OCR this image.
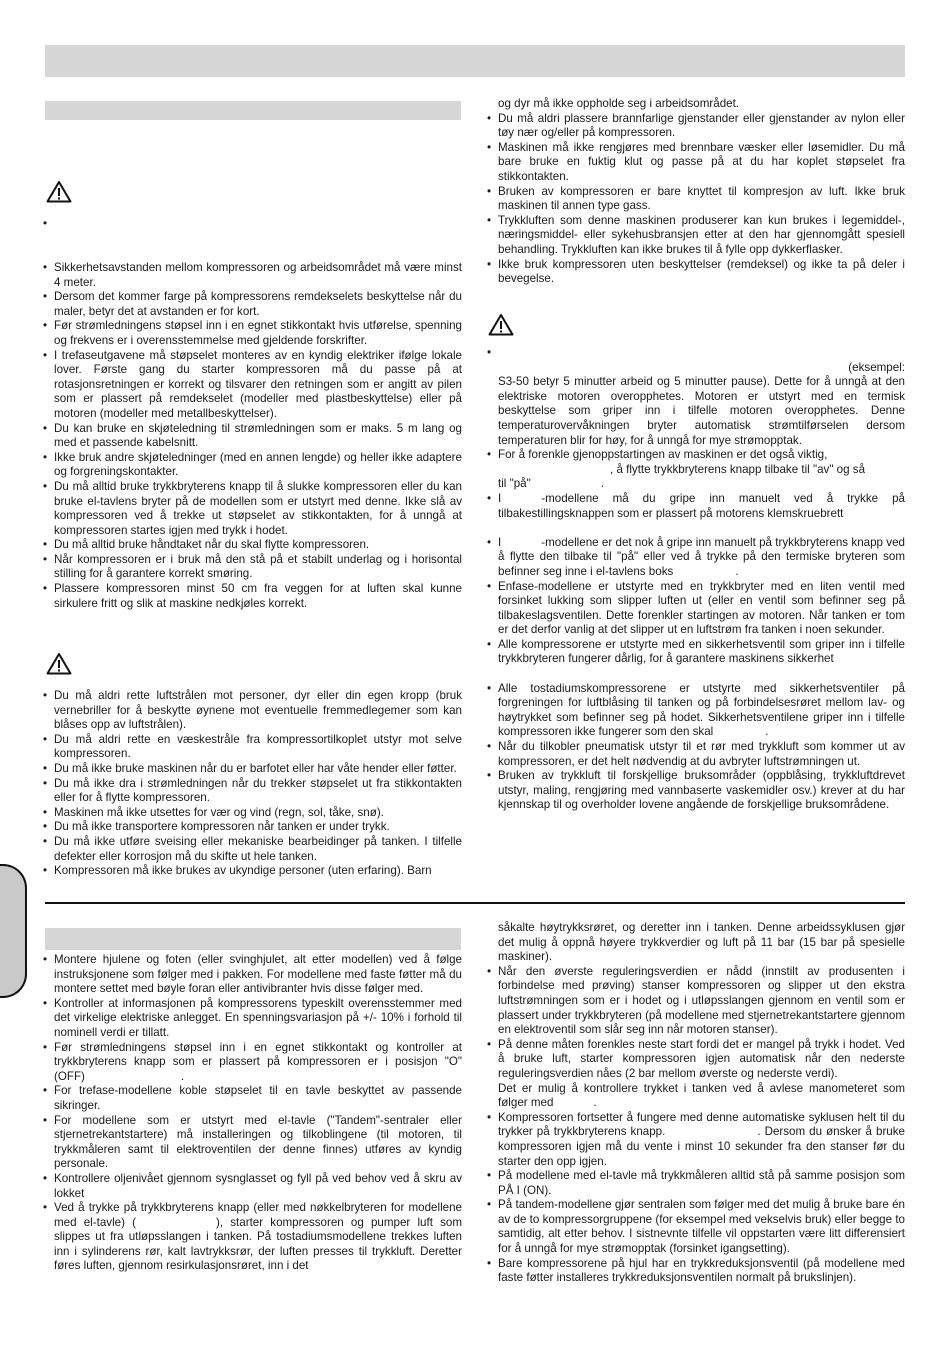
• Sikkerhetsavstanden mellom kompressoren og arbeidsområdet må være minst 4 meter.
• Dersom det kommer farge på kompressorens remdekselets beskyttelse når du maler, betyr det at avstanden er for kort.
• Før strømledningens støpsel inn i en egnet stikkontakt hvis utførelse, spenning og frekvens er i overensstemmelse med gjeldende forskrifter.
• I trefaseutgavene må støpselet monteres av en kyndig elektriker ifølge lokale lover. Første gang du starter kompressoren må du passe på at rotasjonsretningen er korrekt og tilsvarer den retningen som er angitt av pilen som er plassert på remdekselet (modeller med plastbeskyttelse) eller på motoren (modeller med metallbeskyttelser).
• Du kan bruke en skjøteledning til strømledningen som er maks. 5 m lang og med et passende kabelsnitt.
• Ikke bruk andre skjøteledninger (med en annen lengde) og heller ikke adaptere og forgreningskontakter.
• Du må alltid bruke trykkbryterens knapp til å slukke kompressoren eller du kan bruke el-tavlens bryter på de modellen som er utstyrt med denne. Ikke slå av kompressoren ved å trekke ut støpselet av stikkontakten, for å unngå at kompressoren startes igjen med trykk i hodet.
• Du må alltid bruke håndtaket når du skal flytte kompressoren.
• Når kompressoren er i bruk må den stå på et stabilt underlag og i horisontal stilling for å garantere korrekt smøring.
• Plassere kompressoren minst 50 cm fra veggen for at luften skal kunne sirkulere fritt og slik at maskine nedkjøles korrekt.
• Du må aldri rette luftstrålen mot personer, dyr eller din egen kropp (bruk vernebriller for å beskytte øynene mot eventuelle fremmedlegemer som kan blåses opp av luftstrålen).
• Du må aldri rette en væskestråle fra kompressortilkoplet utstyr mot selve kompressoren.
• Du må ikke bruke maskinen når du er barfotet eller har våte hender eller føtter.
• Du må ikke dra i strømledningen når du trekker støpselet ut fra stikkontakten eller for å flytte kompressoren.
• Maskinen må ikke utsettes for vær og vind (regn, sol, tåke, snø).
• Du må ikke transportere kompressoren når tanken er under trykk.
• Du må ikke utføre sveising eller mekaniske bearbeidinger på tanken. I tilfelle defekter eller korrosjon må du skifte ut hele tanken.
• Kompressoren må ikke brukes av ukyndige personer (uten erfaring). Barn
og dyr må ikke oppholde seg i arbeidsområdet.
• Du må aldri plassere brannfarlige gjenstander eller gjenstander av nylon eller tøy nær og/eller på kompressoren.
• Maskinen må ikke rengjøres med brennbare væsker eller løsemidler. Du må bare bruke en fuktig klut og passe på at du har koplet støpselet fra stikkontakten.
• Bruken av kompressoren er bare knyttet til kompresjon av luft. Ikke bruk maskinen til annen type gass.
• Trykkluften som denne maskinen produserer kan kun brukes i legemiddel-, næringsmiddel- eller sykehusbransjen etter at den har gjennomgått spesiell behandling. Trykkluften kan ikke brukes til å fylle opp dykkerflasker.
• Ikke bruk kompressoren uten beskyttelser (remdeksel) og ikke ta på deler i bevegelse.

• (eksempel:
S3-50 betyr 5 minutter arbeid og 5 minutter pause). Dette for å unngå at den elektriske motoren overopphetes. Motoren er utstyrt med en termisk beskyttelse som griper inn i tilfelle motoren overopphetes. Denne temperaturovervåkningen bryter automatisk strømtilførselen dersom temperaturen blir for høy, for å unngå for mye strømopptak.
• For å forenkle gjenoppstartingen av maskinen er det også viktig,
, å flytte trykkbryterens knapp tilbake til "av" og så
til "på"	.
• I	-modellene må du gripe inn manuelt ved å trykke på tilbakestillingsknappen som er plassert på motorens klemskruebrett
• I	-modellene er det nok å gripe inn manuelt på trykkbryterens knapp ved å flytte den tilbake til "på" eller ved å trykke på den termiske bryteren som befinner seg inne i el-tavlens boks	.
• Enfase-modellene er utstyrte med en trykkbryter med en liten ventil med forsinket lukking som slipper luften ut (eller en ventil som befinner seg på tilbakeslagsventilen. Dette forenkler startingen av motoren. Når tanken er tom er det derfor vanlig at det slipper ut en luftstrøm fra tanken i noen sekunder.
• Alle kompressorene er utstyrte med en sikkerhetsventil som griper inn i tilfelle trykkbryteren fungerer dårlig, for å garantere maskinens sikkerhet
• Alle tostadiumskompressorene er utstyrte med sikkerhetsventiler på forgreningen for luftblåsing til tanken og på forbindelsesrøret mellom lav- og høytrykket som befinner seg på hodet. Sikkerhetsventilene griper inn i tilfelle kompressoren ikke fungerer som den skal	.
• Når du tilkobler pneumatisk utstyr til et rør med trykkluft som kommer ut av kompressoren, er det helt nødvendig at du avbryter luftstrømningen ut.
• Bruken av trykkluft til forskjellige bruksområder (oppblåsing, trykkluftdrevet utstyr, maling, rengjøring med vannbaserte vaskemidler osv.) krever at du har kjennskap til og overholder lovene angående de forskjellige bruksområdene.
• Montere hjulene og foten (eller svinghjulet, alt etter modellen) ved å følge instruksjonene som følger med i pakken. For modellene med faste føtter må du montere settet med bøyle foran eller antivibranter hvis disse følger med.
• Kontroller at informasjonen på kompressorens typeskilt overensstemmer med det virkelige elektriske anlegget. En spenningsvariasjon på +/- 10% i forhold til nominell verdi er tillatt.
• Før strømledningens støpsel inn i en egnet stikkontakt og kontroller at trykkbryterens knapp som er plassert på kompressoren er i posisjon "O" (OFF)	.
• For trefase-modellene koble støpselet til en tavle beskyttet av passende sikringer.
• For modellene som er utstyrt med el-tavle ("Tandem"-sentraler eller stjernetrekantstartere) må installeringen og tilkoblingene (til motoren, til trykkmåleren samt til elektroventilen der denne finnes) utføres av kyndig personale.
• Kontrollere oljenivået gjennom sysnglasset og fyll på ved behov ved å skru av lokket
• Ved å trykke på trykkbryterens knapp (eller med nøkkelbryteren for modellene med el-tavle) (	), starter kompressoren og pumper luft som slippes ut fra utløpsslangen i tanken. På tostadiumsmodellene trekkes luften inn i sylinderens rør, kalt lavtrykksrør, der luften presses til trykkluft. Deretter føres luften, gjennom resirkulasjonsrøret, inn i det
såkalte høytrykksrøret, og deretter inn i tanken. Denne arbeidssyklusen gjør det mulig å oppnå høyere trykkverdier og luft på 11 bar (15 bar på spesielle maskiner).
• Når den øverste reguleringsverdien er nådd (innstilt av produsenten i forbindelse med prøving) stanser kompressoren og slipper ut den ekstra luftstrømningen som er i hodet og i utløpsslangen gjennom en ventil som er plassert under trykkbryteren (på modellene med stjernetrekantstartere gjennom en elektroventil som slår seg inn når motoren stanser).
• På denne måten forenkles neste start fordi det er mangel på trykk i hodet. Ved å bruke luft, starter kompressoren igjen automatisk når den nederste reguleringsverdien nåes (2 bar mellom øverste og nederste verdi).
Det er mulig å kontrollere trykket i tanken ved å avlese manometeret som følger med	.
• Kompressoren fortsetter å fungere med denne automatiske syklusen helt til du trykker på trykkbryterens knapp.	. Dersom du ønsker å bruke kompressoren igjen må du vente i minst 10 sekunder fra den stanser før du starter den opp igjen.
• På modellene med el-tavle må trykkmåleren alltid stå på samme posisjon som PÅ I (ON).
• På tandem-modellene gjør sentralen som følger med det mulig å bruke bare én av de to kompressorgruppene (for eksempel med vekselvis bruk) eller begge to samtidig, alt etter behov. I sistnevnte tilfelle vil oppstarten være litt differensiert for å unngå for mye strømopptak (forsinket igangsetting).
• Bare kompressorene på hjul har en trykkreduksjonsventil (på modellene med faste føtter installeres trykkreduksjonsventilen normalt på brukslinjen).
